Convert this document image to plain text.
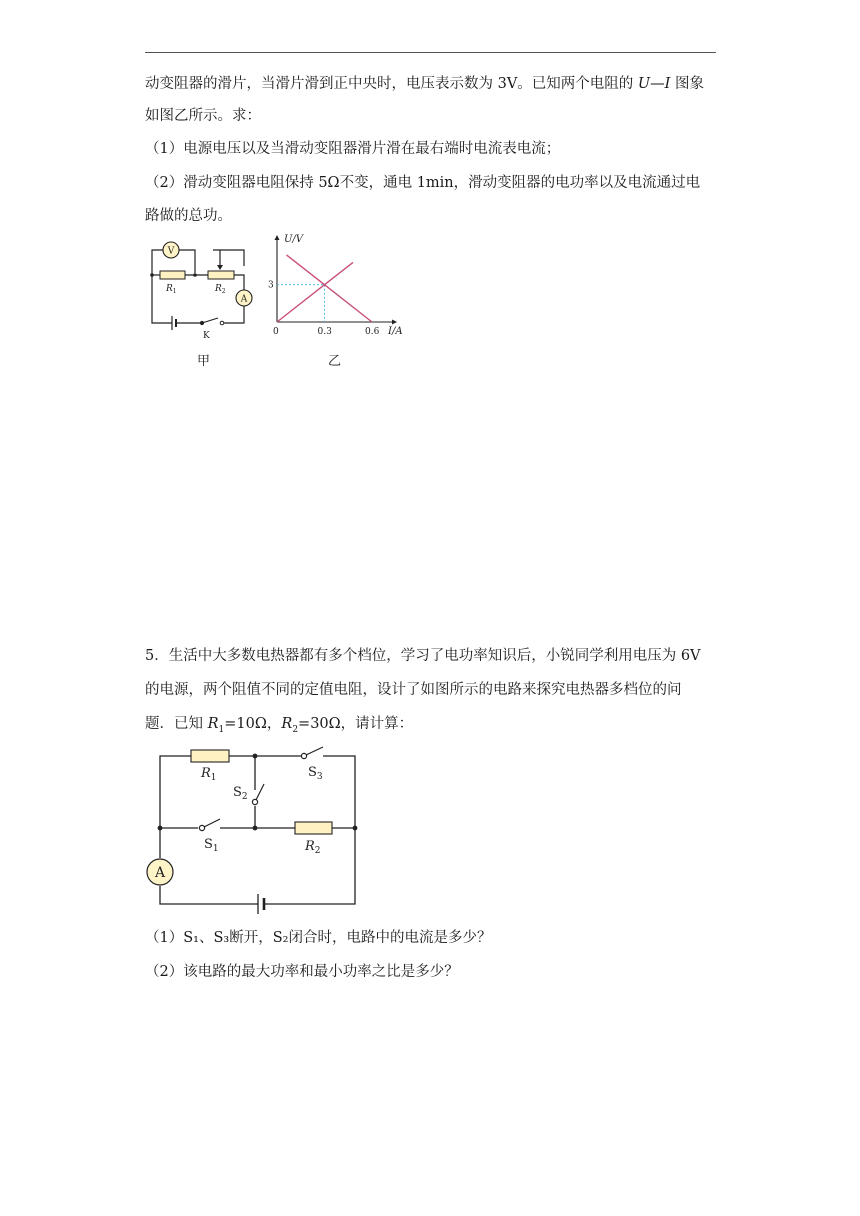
动变阻器的滑片，当滑片滑到正中央时，电压表示数为 3V。已知两个电阻的 U—I 图象
如图乙所示。求：
（1）电源电压以及当滑动变阻器滑片滑在最右端时电流表电流；
（2）滑动变阻器电阻保持 5Ω不变，通电 1min，滑动变阻器的电功率以及电流通过电
路做的总功。
V
$R_1$	$R_2$
A
K
甲
U/V
3
0	0.3	0.6 I/A
乙
5．生活中大多数电热器都有多个档位，学习了电功率知识后，小锐同学利用电压为 6V
的电源，两个阻值不同的定值电阻，设计了如图所示的电路来探究电热器多档位的问
题．已知 $R_1=10\Omega$，$R_2=30\Omega$，请计算：
$R_1$
$R_2$
$S_3$
$S_2$
$S_1$
A
（1）S₁、S₃断开，S₂闭合时，电路中的电流是多少？
（2）该电路的最大功率和最小功率之比是多少？
